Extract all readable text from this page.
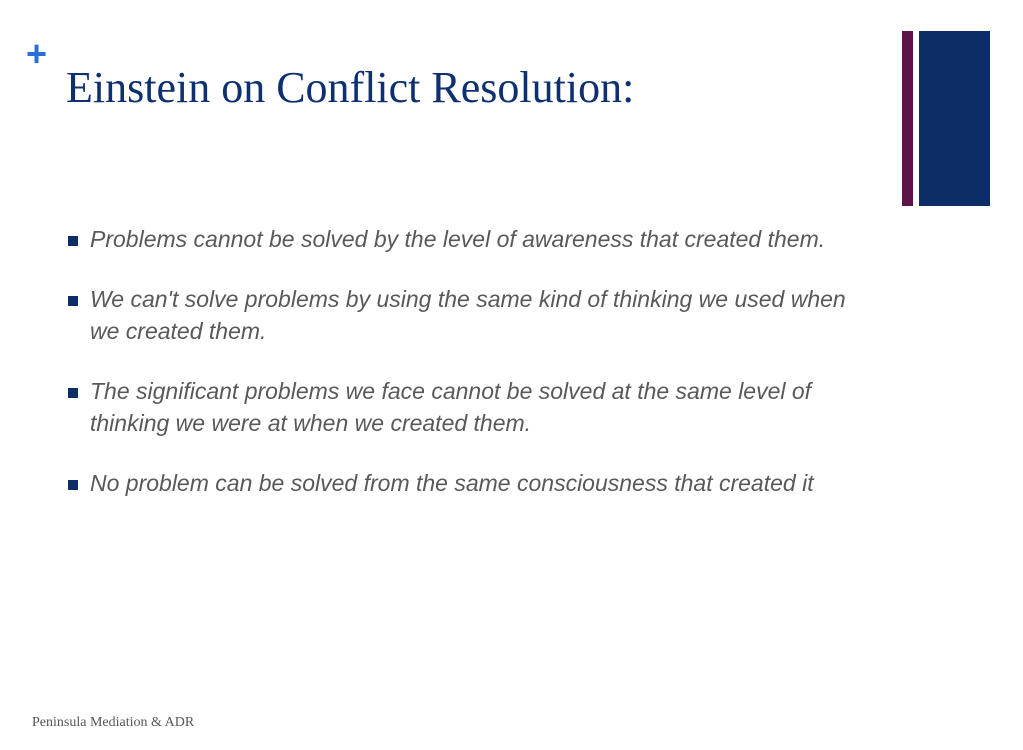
+
Einstein on Conflict Resolution:
Problems cannot be solved by the level of awareness that created them.
We can't solve problems by using the same kind of thinking we used when we created them.
The significant problems we face cannot be solved at the same level of thinking we were at when we created them.
No problem can be solved from the same consciousness that created it
Peninsula Mediation & ADR
